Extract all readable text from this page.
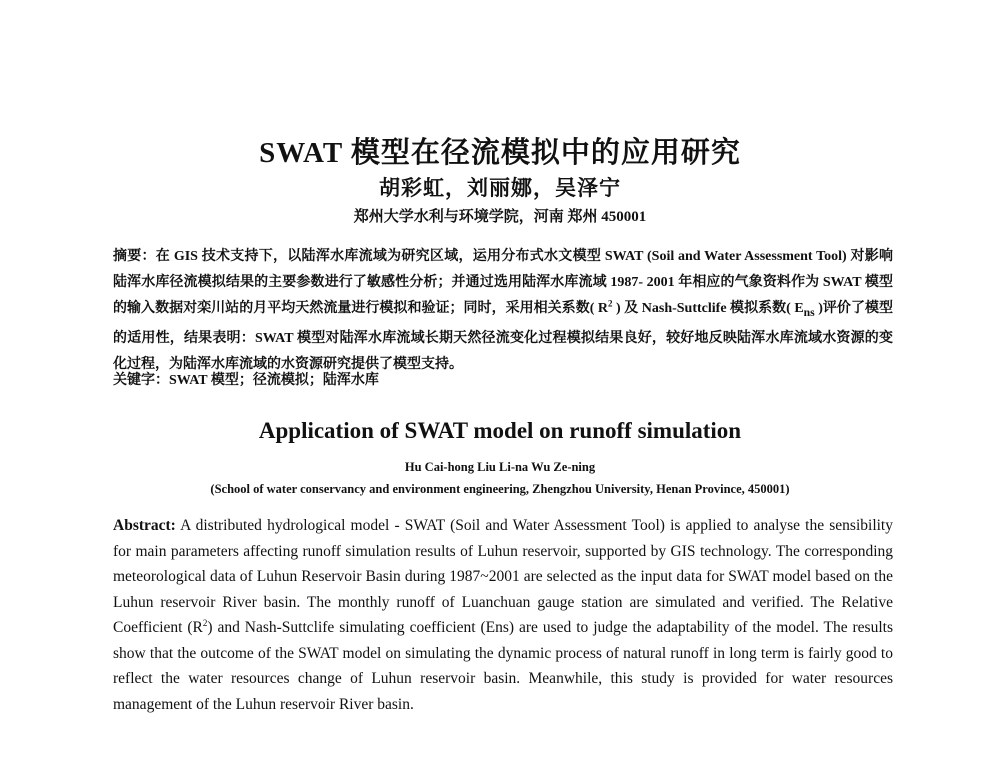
SWAT 模型在径流模拟中的应用研究
胡彩虹，刘丽娜，吴泽宁
郑州大学水利与环境学院，河南 郑州 450001
摘要：在 GIS 技术支持下，以陆浑水库流域为研究区域，运用分布式水文模型 SWAT (Soil and Water Assessment Tool) 对影响陆浑水库径流模拟结果的主要参数进行了敏感性分析；并通过选用陆浑水库流域 1987- 2001 年相应的气象资料作为 SWAT 模型的输入数据对栾川站的月平均天然流量进行模拟和验证；同时，采用相关系数( $R^2$ ) 及 Nash-Suttclife 模拟系数( $E_{ns}$ )评价了模型的适用性，结果表明：SWAT 模型对陆浑水库流域长期天然径流变化过程模拟结果良好，较好地反映陆浑水库流域水资源的变化过程，为陆浑水库流域的水资源研究提供了模型支持。
关键字：SWAT 模型；径流模拟；陆浑水库
Application of SWAT model on runoff simulation
Hu Cai-hong Liu Li-na Wu Ze-ning
(School of water conservancy and environment engineering, Zhengzhou University, Henan Province, 450001)
Abstract: A distributed hydrological model - SWAT (Soil and Water Assessment Tool) is applied to analyse the sensibility for main parameters affecting runoff simulation results of Luhun reservoir, supported by GIS technology. The corresponding meteorological data of Luhun Reservoir Basin during 1987~2001 are selected as the input data for SWAT model based on the Luhun reservoir River basin. The monthly runoff of Luanchuan gauge station are simulated and verified. The Relative Coefficient $(R^2)$ and Nash-Suttclife simulating coefficient (Ens) are used to judge the adaptability of the model. The results show that the outcome of the SWAT model on simulating the dynamic process of natural runoff in long term is fairly good to reflect the water resources change of Luhun reservoir basin. Meanwhile, this study is provided for water resources management of the Luhun reservoir River basin.
